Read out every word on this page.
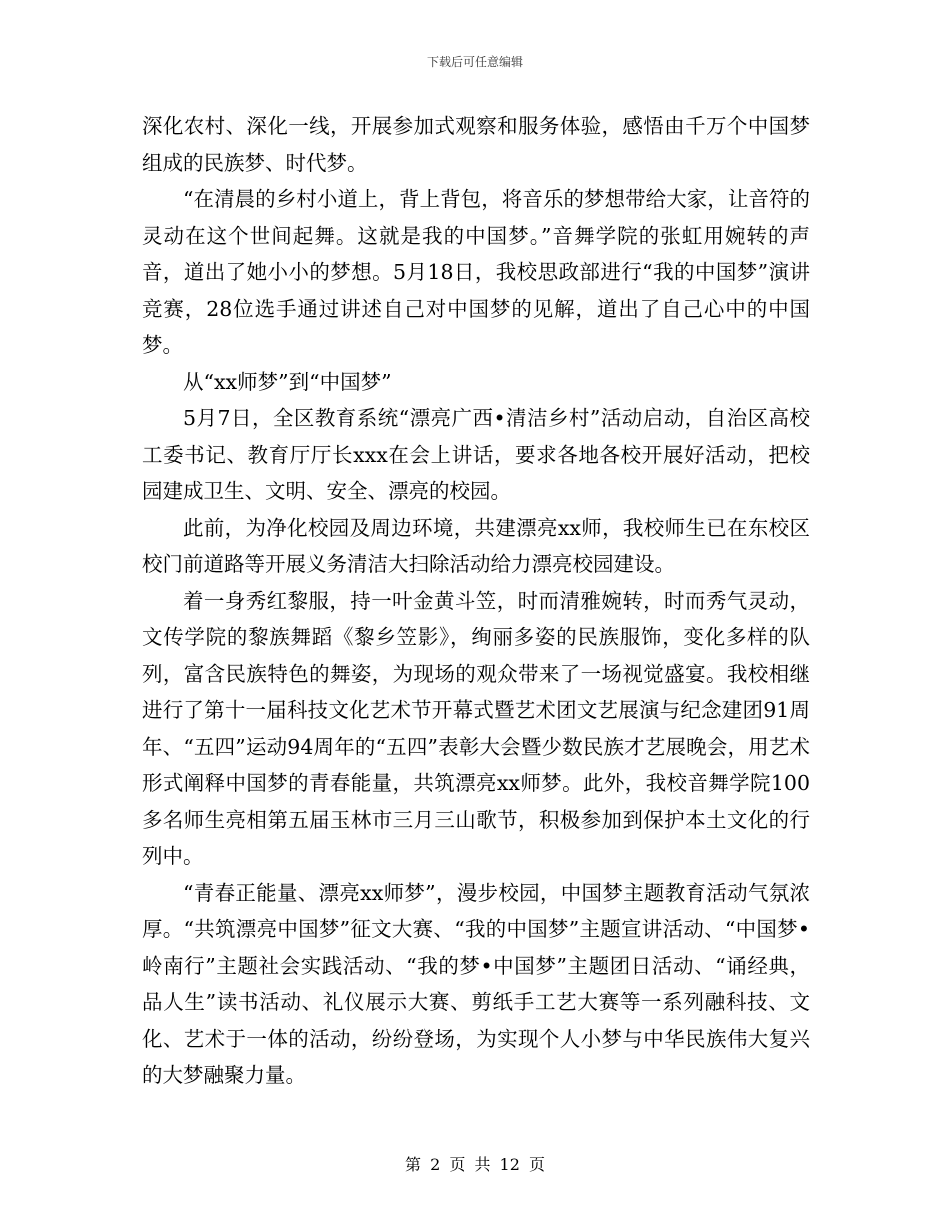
下载后可任意编辑

深化农村、深化一线，开展参加式观察和服务体验，感悟由千万个中国梦组成的民族梦、时代梦。

“在清晨的乡村小道上，背上背包，将音乐的梦想带给大家，让音符的灵动在这个世间起舞。这就是我的中国梦。”音舞学院的张虹用婉转的声音，道出了她小小的梦想。5月18日，我校思政部进行“我的中国梦”演讲竞赛，28位选手通过讲述自己对中国梦的见解，道出了自己心中的中国梦。

从“xx师梦”到“中国梦”

5月7日，全区教育系统“漂亮广西•清洁乡村”活动启动，自治区高校工委书记、教育厅厅长xxx在会上讲话，要求各地各校开展好活动，把校园建成卫生、文明、安全、漂亮的校园。

此前，为净化校园及周边环境，共建漂亮xx师，我校师生已在东校区校门前道路等开展义务清洁大扫除活动给力漂亮校园建设。

着一身秀红黎服，持一叶金黄斗笠，时而清雅婉转，时而秀气灵动，文传学院的黎族舞蹈《黎乡笠影》，绚丽多姿的民族服饰，变化多样的队列，富含民族特色的舞姿，为现场的观众带来了一场视觉盛宴。我校相继进行了第十一届科技文化艺术节开幕式暨艺术团文艺展演与纪念建团91周年、“五四”运动94周年的“五四”表彰大会暨少数民族才艺展晚会，用艺术形式阐释中国梦的青春能量，共筑漂亮xx师梦。此外，我校音舞学院100多名师生亮相第五届玉林市三月三山歌节，积极参加到保护本土文化的行列中。

“青春正能量、漂亮xx师梦”，漫步校园，中国梦主题教育活动气氛浓厚。“共筑漂亮中国梦”征文大赛、“我的中国梦”主题宣讲活动、“中国梦•岭南行”主题社会实践活动、“我的梦•中国梦”主题团日活动、“诵经典，品人生”读书活动、礼仪展示大赛、剪纸手工艺大赛等一系列融科技、文化、艺术于一体的活动，纷纷登场，为实现个人小梦与中华民族伟大复兴的大梦融聚力量。

第 2 页 共 12 页
